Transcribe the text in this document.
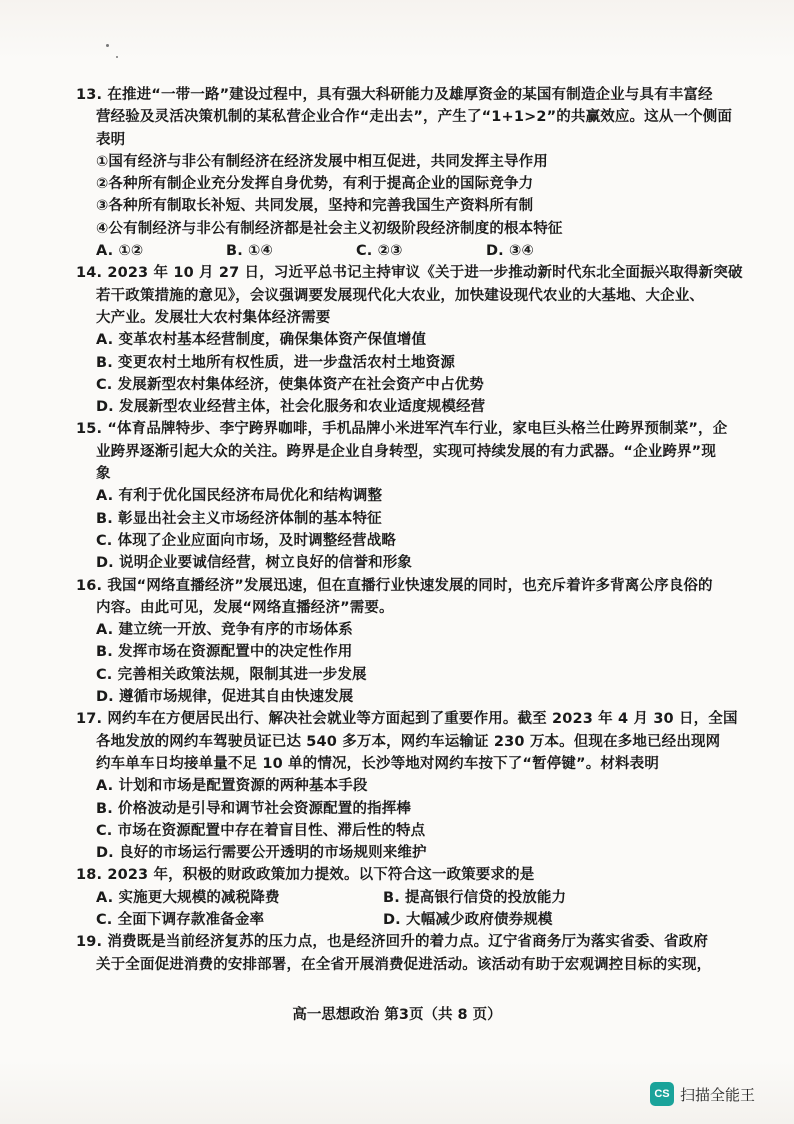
13. 在推进“一带一路”建设过程中，具有强大科研能力及雄厚资金的某国有制造企业与具有丰富经
营经验及灵活决策机制的某私营企业合作“走出去”，产生了“1+1>2”的共赢效应。这从一个侧面
表明
①国有经济与非公有制经济在经济发展中相互促进，共同发挥主导作用
②各种所有制企业充分发挥自身优势，有利于提高企业的国际竞争力
③各种所有制取长补短、共同发展，坚持和完善我国生产资料所有制
④公有制经济与非公有制经济都是社会主义初级阶段经济制度的根本特征
A. ①②	B. ①④	C. ②③	D. ③④
14. 2023 年 10 月 27 日，习近平总书记主持审议《关于进一步推动新时代东北全面振兴取得新突破
若干政策措施的意见》，会议强调要发展现代化大农业，加快建设现代农业的大基地、大企业、
大产业。发展壮大农村集体经济需要
A. 变革农村基本经营制度，确保集体资产保值增值
B. 变更农村土地所有权性质，进一步盘活农村土地资源
C. 发展新型农村集体经济，使集体资产在社会资产中占优势
D. 发展新型农业经营主体，社会化服务和农业适度规模经营
15. “体育品牌特步、李宁跨界咖啡，手机品牌小米进军汽车行业，家电巨头格兰仕跨界预制菜”，企
业跨界逐渐引起大众的关注。跨界是企业自身转型，实现可持续发展的有力武器。“企业跨界”现
象
A. 有利于优化国民经济布局优化和结构调整
B. 彰显出社会主义市场经济体制的基本特征
C. 体现了企业应面向市场，及时调整经营战略
D. 说明企业要诚信经营，树立良好的信誉和形象
16. 我国“网络直播经济”发展迅速，但在直播行业快速发展的同时，也充斥着许多背离公序良俗的
内容。由此可见，发展“网络直播经济”需要。
A. 建立统一开放、竞争有序的市场体系
B. 发挥市场在资源配置中的决定性作用
C. 完善相关政策法规，限制其进一步发展
D. 遵循市场规律，促进其自由快速发展
17. 网约车在方便居民出行、解决社会就业等方面起到了重要作用。截至 2023 年 4 月 30 日，全国
各地发放的网约车驾驶员证已达 540 多万本，网约车运输证 230 万本。但现在多地已经出现网
约车单车日均接单量不足 10 单的情况，长沙等地对网约车按下了“暂停键”。材料表明
A. 计划和市场是配置资源的两种基本手段
B. 价格波动是引导和调节社会资源配置的指挥棒
C. 市场在资源配置中存在着盲目性、滞后性的特点
D. 良好的市场运行需要公开透明的市场规则来维护
18. 2023 年，积极的财政政策加力提效。以下符合这一政策要求的是
A. 实施更大规模的减税降费	B. 提高银行信贷的投放能力
C. 全面下调存款准备金率	D. 大幅减少政府债券规模
19. 消费既是当前经济复苏的压力点，也是经济回升的着力点。辽宁省商务厅为落实省委、省政府
关于全面促进消费的安排部署，在全省开展消费促进活动。该活动有助于宏观调控目标的实现，
高一思想政治 第3页（共 8 页）
CS 扫描全能王
